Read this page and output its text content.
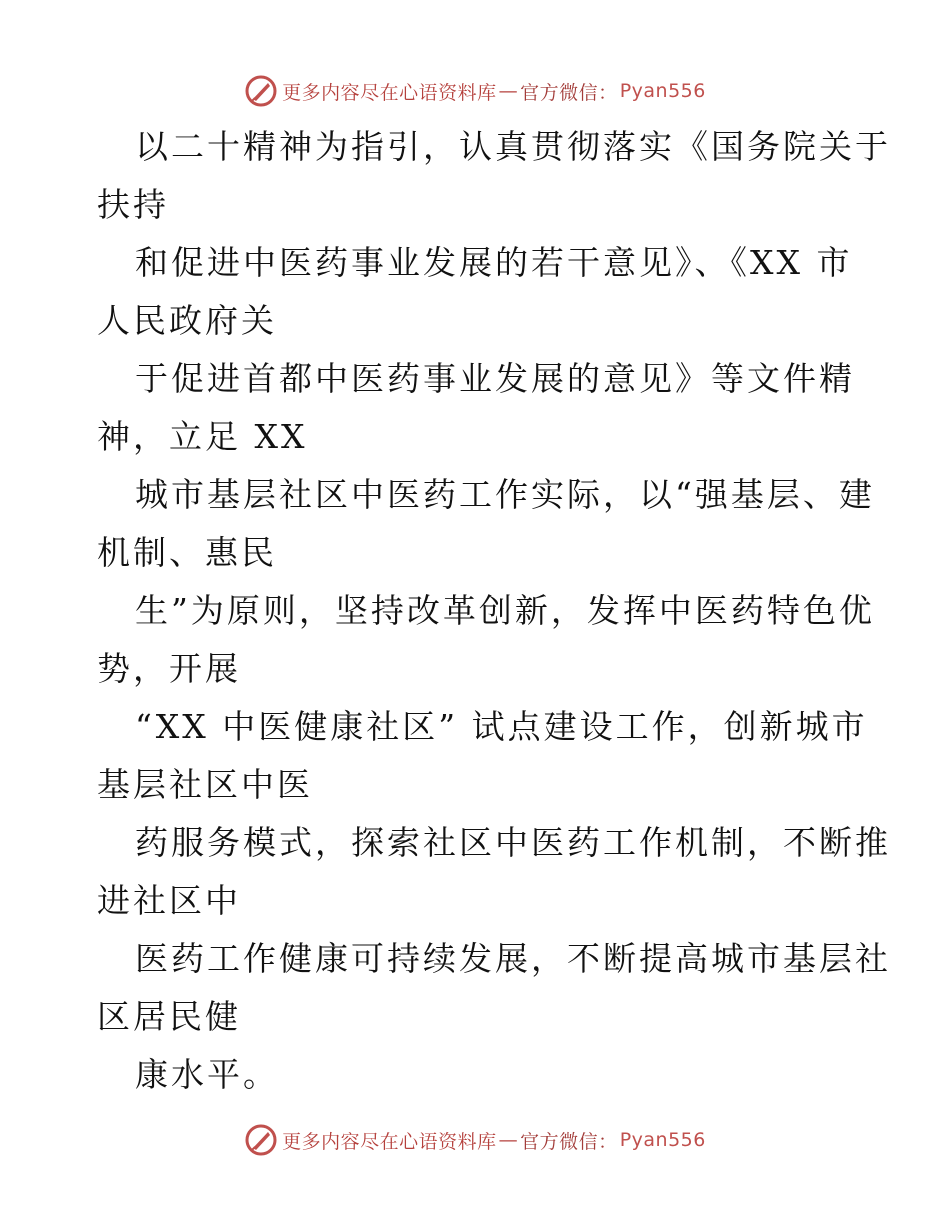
更多内容尽在心语资料库 — 官方微信： Pyan556
以二十精神为指引，认真贯彻落实《国务院关于
扶持
和促进中医药事业发展的若干意见》、《XX 市
人民政府关
于促进首都中医药事业发展的意见》等文件精
神，立足 XX
城市基层社区中医药工作实际，以“强基层、建
机制、惠民
生”为原则，坚持改革创新，发挥中医药特色优
势，开展
“XX 中医健康社区” 试点建设工作，创新城市
基层社区中医
药服务模式，探索社区中医药工作机制，不断推
进社区中
医药工作健康可持续发展，不断提高城市基层社
区居民健
康水平。
更多内容尽在心语资料库 — 官方微信： Pyan556
